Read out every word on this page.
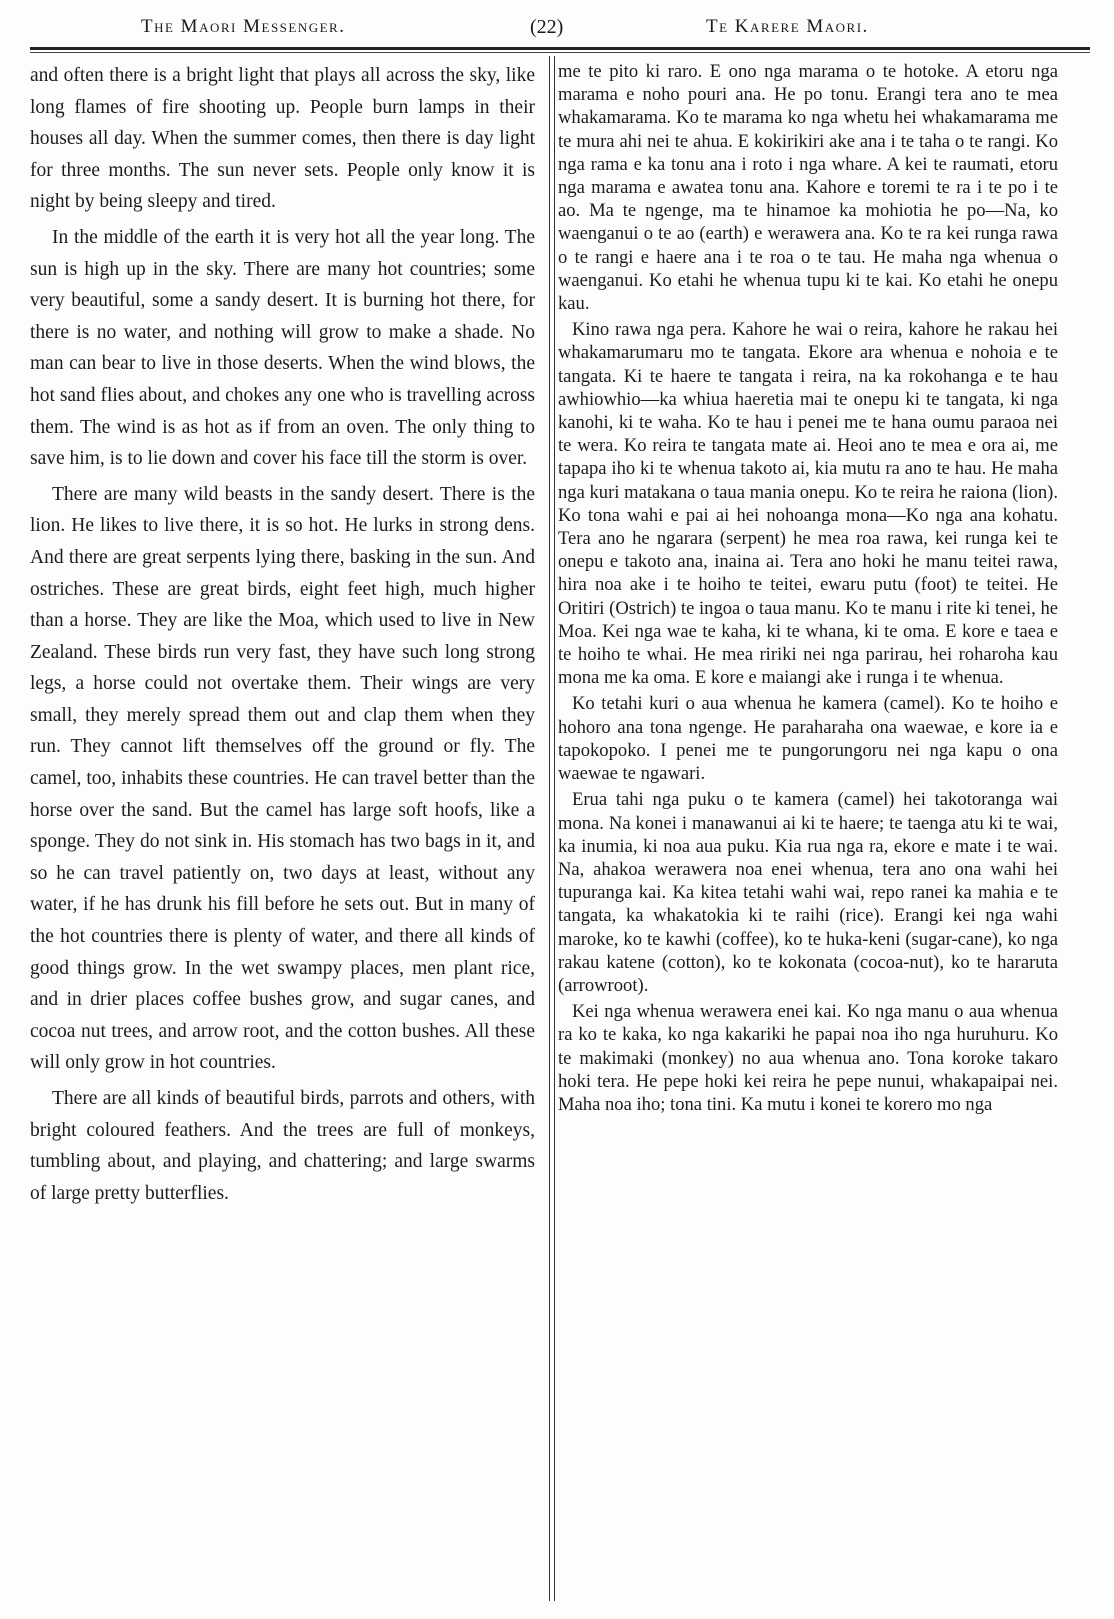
The Maori Messenger.	(22)	Te Karere Maori.

and often there is a bright light that plays all across the sky, like long flames of fire shooting up. People burn lamps in their houses all day. When the summer comes, then there is day light for three months. The sun never sets. People only know it is night by being sleepy and tired.

In the middle of the earth it is very hot all the year long. The sun is high up in the sky. There are many hot countries; some very beautiful, some a sandy desert. It is burning hot there, for there is no water, and nothing will grow to make a shade. No man can bear to live in those deserts. When the wind blows, the hot sand flies about, and chokes any one who is travelling across them. The wind is as hot as if from an oven. The only thing to save him, is to lie down and cover his face till the storm is over.

There are many wild beasts in the sandy desert. There is the lion. He likes to live there, it is so hot. He lurks in strong dens. And there are great serpents lying there, basking in the sun. And ostriches. These are great birds, eight feet high, much higher than a horse. They are like the Moa, which used to live in New Zealand. These birds run very fast, they have such long strong legs, a horse could not overtake them. Their wings are very small, they merely spread them out and clap them when they run. They cannot lift themselves off the ground or fly. The camel, too, inhabits these countries. He can travel better than the horse over the sand. But the camel has large soft hoofs, like a sponge. They do not sink in. His stomach has two bags in it, and so he can travel patiently on, two days at least, without any water, if he has drunk his fill before he sets out. But in many of the hot countries there is plenty of water, and there all kinds of good things grow. In the wet swampy places, men plant rice, and in drier places coffee bushes grow, and sugar canes, and cocoa nut trees, and arrow root, and the cotton bushes. All these will only grow in hot countries.

There are all kinds of beautiful birds, parrots and others, with bright coloured feathers. And the trees are full of monkeys, tumbling about, and playing, and chattering; and large swarms of large pretty butterflies.

me te pito ki raro. E ono nga marama o te hotoke. A etoru nga marama e noho pouri ana. He po tonu. Erangi tera ano te mea whakamarama. Ko te marama ko nga whetu hei whakamarama me te mura ahi nei te ahua. E kokirikiri ake ana i te taha o te rangi. Ko nga rama e ka tonu ana i roto i nga whare. A kei te raumati, etoru nga marama e awatea tonu ana. Kahore e toremi te ra i te po i te ao. Ma te ngenge, ma te hinamoe ka mohiotia he po—Na, ko waenganui o te ao (earth) e werawera ana. Ko te ra kei runga rawa o te rangi e haere ana i te roa o te tau. He maha nga whenua o waenganui. Ko etahi he whenua tupu ki te kai. Ko etahi he onepu kau.

Kino rawa nga pera. Kahore he wai o reira, kahore he rakau hei whakamarumaru mo te tangata. Ekore ara whenua e nohoia e te tangata. Ki te haere te tangata i reira, na ka rokohanga e te hau awhiowhio—ka whiua haeretia mai te onepu ki te tangata, ki nga kanohi, ki te waha. Ko te hau i penei me te hana oumu paraoa nei te wera. Ko reira te tangata mate ai. Heoi ano te mea e ora ai, me tapapa iho ki te whenua takoto ai, kia mutu ra ano te hau. He maha nga kuri matakana o taua mania onepu. Ko te reira he raiona (lion). Ko tona wahi e pai ai hei nohoanga mona—Ko nga ana kohatu. Tera ano he ngarara (serpent) he mea roa rawa, kei runga kei te onepu e takoto ana, inaina ai. Tera ano hoki he manu teitei rawa, hira noa ake i te hoiho te teitei, ewaru putu (foot) te teitei. He Oritiri (Ostrich) te ingoa o taua manu. Ko te manu i rite ki tenei, he Moa. Kei nga wae te kaha, ki te whana, ki te oma. E kore e taea e te hoiho te whai. He mea ririki nei nga parirau, hei roharoha kau mona me ka oma. E kore e maiangi ake i runga i te whenua.

Ko tetahi kuri o aua whenua he kamera (camel). Ko te hoiho e hohoro ana tona ngenge. He paraharaha ona waewae, e kore ia e tapokopoko. I penei me te pungorungoru nei nga kapu o ona waewae te ngawari.

Erua tahi nga puku o te kamera (camel) hei takotoranga wai mona. Na konei i manawanui ai ki te haere; te taenga atu ki te wai, ka inumia, ki noa aua puku. Kia rua nga ra, ekore e mate i te wai. Na, ahakoa werawera noa enei whenua, tera ano ona wahi hei tupuranga kai. Ka kitea tetahi wahi wai, repo ranei ka mahia e te tangata, ka whakatokia ki te raihi (rice). Erangi kei nga wahi maroke, ko te kawhi (coffee), ko te huka-keni (sugar-cane), ko nga rakau katene (cotton), ko te kokonata (cocoa-nut), ko te hararuta (arrowroot).

Kei nga whenua werawera enei kai. Ko nga manu o aua whenua ra ko te kaka, ko nga kakariki he papai noa iho nga huruhuru. Ko te makimaki (monkey) no aua whenua ano. Tona koroke takaro hoki tera. He pepe hoki kei reira he pepe nunui, whakapaipai nei. Maha noa iho; tona tini. Ka mutu i konei te korero mo nga
